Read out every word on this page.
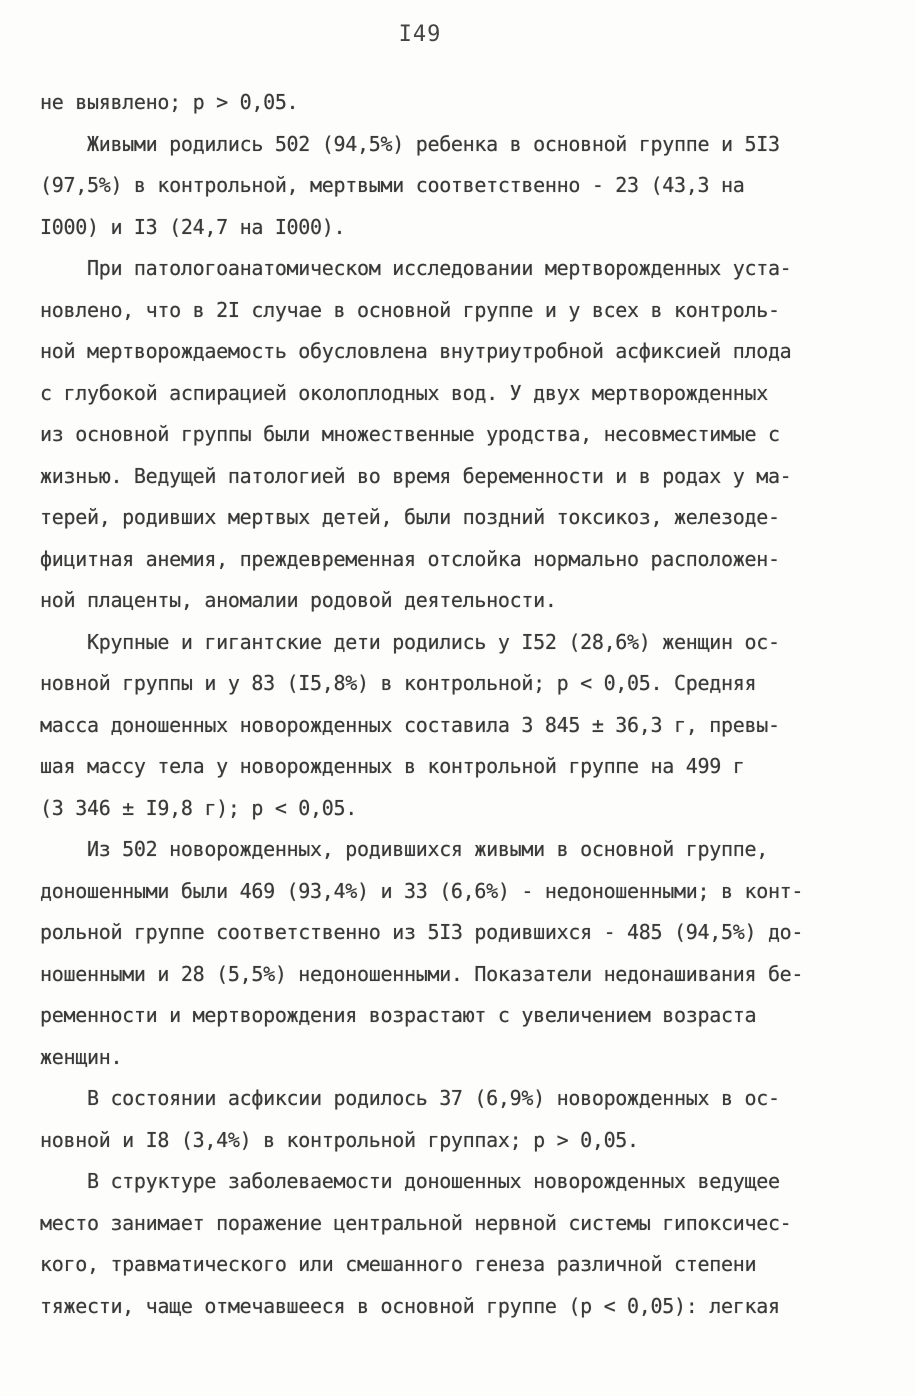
I49
не выявлено; р > 0,05.
Живыми родились 502 (94,5%) ребенка в основной группе и 5I3
(97,5%) в контрольной, мертвыми соответственно - 23 (43,3 на
I000) и I3 (24,7 на I000).
При патологоанатомическом исследовании мертворожденных уста-
новлено, что в 2I случае в основной группе и у всех в контроль-
ной мертворождаемость обусловлена внутриутробной асфиксией плода
с глубокой аспирацией околоплодных вод. У двух мертворожденных
из основной группы были множественные уродства, несовместимые с
жизнью. Ведущей патологией во время беременности и в родах у ма-
терей, родивших мертвых детей, были поздний токсикоз, железоде-
фицитная анемия, преждевременная отслойка нормально расположен-
ной плаценты, аномалии родовой деятельности.
Крупные и гигантские дети родились у I52 (28,6%) женщин ос-
новной группы и у 83 (I5,8%) в контрольной; р < 0,05. Средняя
масса доношенных новорожденных составила 3 845 ± 36,3 г, превы-
шая массу тела у новорожденных в контрольной группе на 499 г
(3 346 ± I9,8 г); р < 0,05.
Из 502 новорожденных, родившихся живыми в основной группе,
доношенными были 469 (93,4%) и 33 (6,6%) - недоношенными; в конт-
рольной группе соответственно из 5I3 родившихся - 485 (94,5%) до-
ношенными и 28 (5,5%) недоношенными. Показатели недонашивания бе-
ременности и мертворождения возрастают с увеличением возраста
женщин.
В состоянии асфиксии родилось 37 (6,9%) новорожденных в ос-
новной и I8 (3,4%) в контрольной группах; р > 0,05.
В структуре заболеваемости доношенных новорожденных ведущее
место занимает поражение центральной нервной системы гипоксичес-
кого, травматического или смешанного генеза различной степени
тяжести, чаще отмечавшееся в основной группе (р < 0,05): легкая
